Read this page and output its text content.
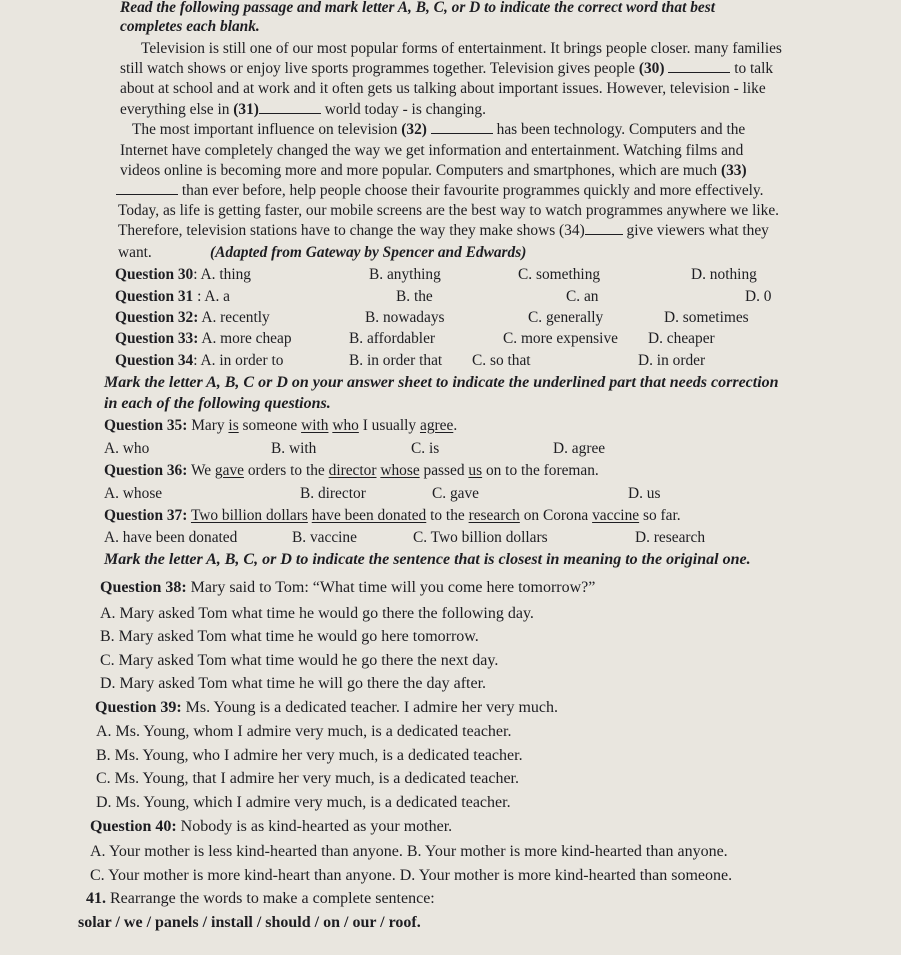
Read the following passage and mark letter A, B, C, or D to indicate the correct word that best
completes each blank.
Television is still one of our most popular forms of entertainment. It brings people closer. many families
still watch shows or enjoy live sports programmes together. Television gives people (30)	to talk
about at school and at work and it often gets us talking about important issues. However, television - like
everything else in (31)	world today - is changing.
The most important influence on television (32)	has been technology. Computers and the
Internet have completely changed the way we get information and entertainment. Watching films and
videos online is becoming more and more popular. Computers and smartphones, which are much (33)
than ever before, help people choose their favourite programmes quickly and more effectively.
Today, as life is getting faster, our mobile screens are the best way to watch programmes anywhere we like.
Therefore, television stations have to change the way they make shows (34) give viewers what they
want.	(Adapted from Gateway by Spencer and Edwards)
Question 30: A. thing	B. anything	C. something	D. nothing
Question 31 : A. a	B. the	C. an	D. 0
Question 32: A. recently	B. nowadays	C. generally	D. sometimes
Question 33: A. more cheap	B. affordabler	C. more expensive D. cheaper
Question 34: A. in order to	B. in order that C. so that	D. in order
Mark the letter A, B, C or D on your answer sheet to indicate the underlined part that needs correction
in each of the following questions.
Question 35: Mary is someone with who I usually agree.
A. who	B. with	C. is	D. agree
Question 36: We gave orders to the director whose passed us on to the foreman.
A. whose	B. director	C. gave	D. us
Question 37: Two billion dollars have been donated to the research on Corona vaccine so far.
A. have been donated	B. vaccine	C. Two billion dollars	D. research
Mark the letter A, B, C, or D to indicate the sentence that is closest in meaning to the original one.
Question 38: Mary said to Tom: “What time will you come here tomorrow?”
A. Mary asked Tom what time he would go there the following day.
B. Mary asked Tom what time he would go here tomorrow.
C. Mary asked Tom what time would he go there the next day.
D. Mary asked Tom what time he will go there the day after.
Question 39: Ms. Young is a dedicated teacher. I admire her very much.
A. Ms. Young, whom I admire very much, is a dedicated teacher.
B. Ms. Young, who I admire her very much, is a dedicated teacher.
C. Ms. Young, that I admire her very much, is a dedicated teacher.
D. Ms. Young, which I admire very much, is a dedicated teacher.
Question 40: Nobody is as kind-hearted as your mother.
A. Your mother is less kind-hearted than anyone. B. Your mother is more kind-hearted than anyone.
C. Your mother is more kind-heart than anyone. D. Your mother is more kind-hearted than someone.
41. Rearrange the words to make a complete sentence:
solar / we / panels / install / should / on / our / roof.
